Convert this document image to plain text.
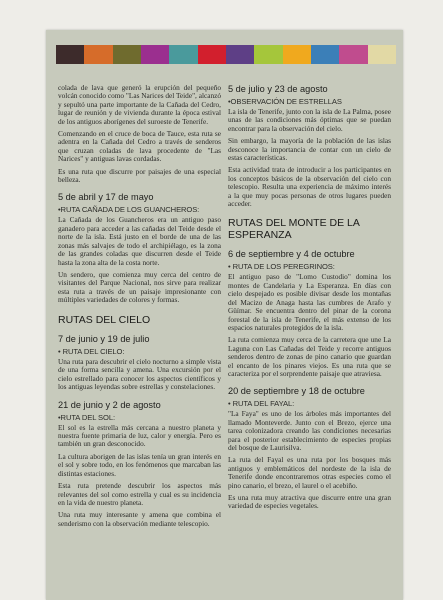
colada de lava que generó la erupción del pequeño volcán conocido como "Las Narices del Teide", alcanzó y sepultó una parte importante de la Cañada del Cedro, lugar de reunión y de vivienda durante la época estival de los antiguos aborígenes del suroeste de Tenerife.

Comenzando en el cruce de boca de Tauce, esta ruta se adentra en la Cañada del Cedro a través de senderos que cruzan coladas de lava procedente de "Las Narices" y antiguas lavas cordadas.

Es una ruta que discurre por paisajes de una especial belleza.

5 de abril y 17 de mayo
•RUTA CAÑADA DE LOS GUANCHEROS:

La Cañada de los Guancheros era un antiguo paso ganadero para acceder a las cañadas del Teide desde el norte de la isla. Está justo en el borde de una de las zonas más salvajes de todo el archipiélago, es la zona de las grandes coladas que discurren desde el Teide hasta la zona alta de la costa norte.

Un sendero, que comienza muy cerca del centro de visitantes del Parque Nacional, nos sirve para realizar esta ruta a través de un paisaje impresionante con múltiples variedades de colores y formas.

RUTAS DEL CIELO
7 de junio y 19 de julio
• RUTA DEL CIELO:

Una ruta para descubrir el cielo nocturno a simple vista de una forma sencilla y amena. Una excursión por el cielo estrellado para conocer los aspectos científicos y los antiguas leyendas sobre estrellas y constelaciones.

21 de junio y 2 de agosto
•RUTA DEL SOL:

El sol es la estrella más cercana a nuestro planeta y nuestra fuente primaria de luz, calor y energía. Pero es también un gran desconocido.

La cultura aborigen de las islas tenía un gran interés en el sol y sobre todo, en los fenómenos que marcaban las distintas estaciones.

Esta ruta pretende descubrir los aspectos más relevantes del sol como estrella y cual es su incidencia en la vida de nuestro planeta.

Una ruta muy interesante y amena que combina el senderismo con la observación mediante telescopio.

5 de julio y 23 de agosto
•OBSERVACIÓN DE ESTRELLAS

La isla de Tenerife, junto con la isla de La Palma, posee unas de las condiciones más óptimas que se puedan encontrar para la observación del cielo.

Sin embargo, la mayoría de la población de las islas desconoce la importancia de contar con un cielo de estas características.

Esta actividad trata de introducir a los participantes en los conceptos básicos de la observación del cielo con telescopio. Resulta una experiencia de máximo interés a la que muy pocas personas de otros lugares pueden acceder.

RUTAS DEL MONTE DE LA ESPERANZA
6 de septiembre y 4 de octubre
• RUTA DE LOS PEREGRINOS:

El antiguo paso de "Lomo Custodio" domina los montes de Candelaria y La Esperanza. En días con cielo despejado es posible divisar desde los montañas del Macizo de Anaga hasta las cumbres de Arafo y Güímar. Se encuentra dentro del pinar de la corona forestal de la isla de Tenerife, el más extenso de los espacios naturales protegidos de la isla.

La ruta comienza muy cerca de la carretera que une La Laguna con Las Cañadas del Teide y recorre antiguos senderos dentro de zonas de pino canario que guardan el encanto de los pinares viejos. Es una ruta que se caracteriza por el sorprendente paisaje que atraviesa.

20 de septiembre y 18 de octubre
• RUTA DEL FAYAL:

"La Faya" es uno de los árboles más importantes del llamado Monteverde. Junto con el Brezo, ejerce una tarea colonizadora creando las condiciones necesarias para el posterior establecimiento de especies propias del bosque de Laurisilva.

La ruta del Fayal es una ruta por los bosques más antiguos y emblemáticos del nordeste de la isla de Tenerife donde encontraremos otras especies como el pino canario, el brezo, el laurel o el acebiño.

Es una ruta muy atractiva que discurre entre una gran variedad de especies vegetales.
